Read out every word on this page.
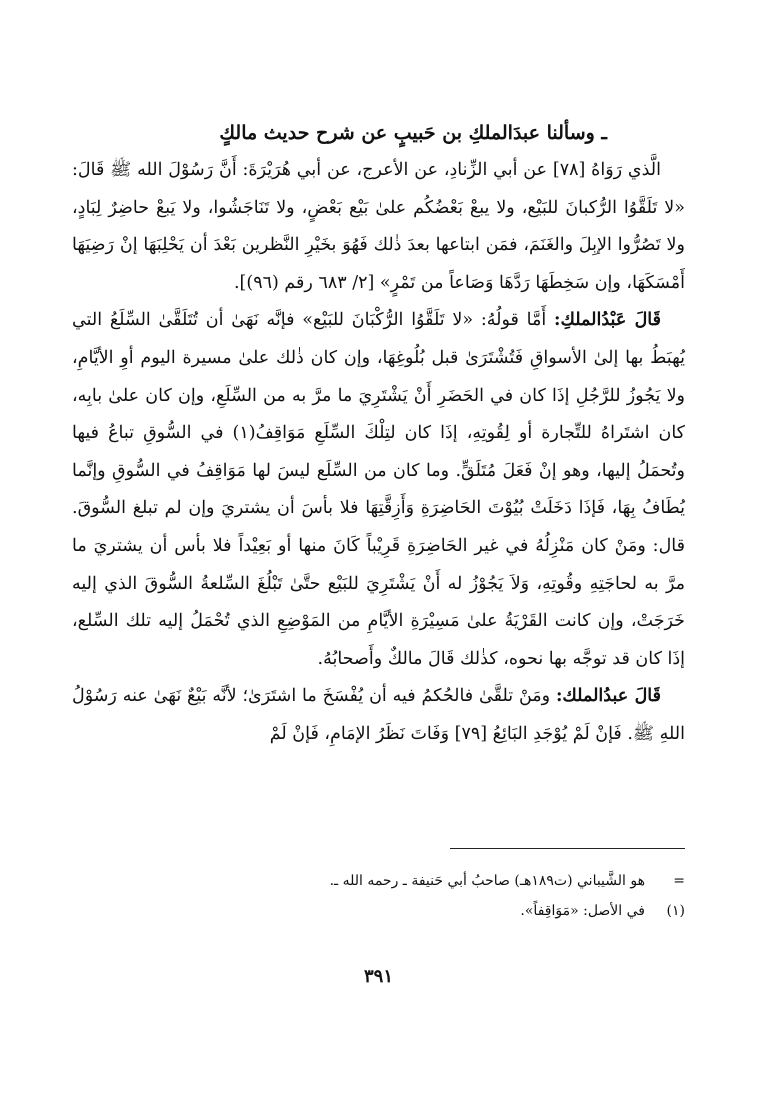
ـ وسألنا عبدَالملكِ بن حَبيبٍ عن شرح حديث مالكٍ

الَّذي رَوَاهُ [٧٨] عن أبي الزِّنادِ، عن الأعرج، عن أبي هُرَيْرَةَ: أَنَّ رَسُوْلَ الله ﷺ قَالَ: «لا تَلَقَّوُا الرُّكبانَ للبَيْع، ولا يبعْ بَعْضُكُم علىٰ بَيْع بَعْضٍ، ولا تَنَاجَشُوا، ولا يَبعْ حاضِرٌ لِبَادٍ، ولا تَصُرُّوا الإبِلَ والغَنَمَ، فمَن ابتاعها بعدَ ذٰلك فَهُوَ بخَيْرِ النَّظرين بَعْدَ أن يَحْلِبَهَا إنْ رَضِيَهَا أَمْسَكَهَا، وإن سَخِطَهَا رَدَّهَا وَصَاعاً من تَمْرٍ» [٢/ ٦٨٣ رقم (٩٦)].

قَالَ عَبْدُالملكِ: أَمَّا قولُهُ: «لا تَلَقَّوُا الرُّكْبَانَ للبَيْع» فإنَّه نَهَىٰ أن تُتَلَقَّىٰ السِّلَعُ التي يُهبَطُ بها إلىٰ الأسواقِ فَتُشْتَرَىٰ قبل بُلُوغِهَا، وإن كان ذٰلك علىٰ مسيرة اليوم أوِ الأيَّامِ، ولا يَجُوزُ للرَّجُلِ إذَا كان في الحَضَرِ أَنْ يَشْتَرِيَ ما مرَّ به من السِّلَعِ، وإن كان علىٰ بابِه، كان اشتَراهُ للتِّجارة أو لِقُوتِهِ، إذَا كان لتِلْكَ السِّلَعِ مَوَاقِفُ(١) في السُّوقِ تباعُ فيها وتُحمَلُ إليها، وهو إنْ فَعَلَ مُتَلَقٍّ. وما كان من السِّلَع ليسَ لها مَوَاقِفُ في السُّوقِ وإنَّما يُطَافُ بِهَا، فَإذَا دَخَلَتْ بُيُوْتَ الحَاضِرَةِ وَأَزِقَّتِهَا فلا بأسَ أن يشتريَ وإن لم تبلغ السُّوقَ. قال: ومَنْ كان مَنْزِلُهُ في غير الحَاضِرَةِ قَرِيْباً كَانَ منها أو بَعِيْداً فلا بأس أن يشتريَ ما مرَّ به لحاجَتِهِ وقُوتِهِ، وَلاَ يَجُوْزُ له أَنْ يَشْتَرِيَ للبَيْع حتَّىٰ تَبْلُغَ السِّلعةُ السُّوقَ الذي إليه خَرَجَتْ، وإن كانت القَرْيَةُ علىٰ مَسِيْرَةِ الأيَّامِ من المَوْضِعِ الذي تُحْمَلُ إليه تلك السِّلع، إذَا كان قد توجَّه بها نحوه، كذٰلك قَالَ مالكٌ وأَصحابُهُ.

قَالَ عبدُالملك: ومَنْ تلقَّىٰ فالحُكمُ فيه أن يُفْسَخَ ما اشتَرَىٰ؛ لأنَّه بَيْعٌ نَهَىٰ عنه رَسُوْلُ اللهِ ﷺ. فَإنْ لَمْ يُوْجَدِ البَائِعُ [٧٩] وَفَاتَ نَظَرُ الإمَامِ، فَإنْ لَمْ

=
هو الشَّيباني (ت١٨٩هـ) صاحبُ أبي حَنيفة ـ رحمه الله ـ.
(١)
في الأصل: «مَوَاقِفاً».
٣٩١
